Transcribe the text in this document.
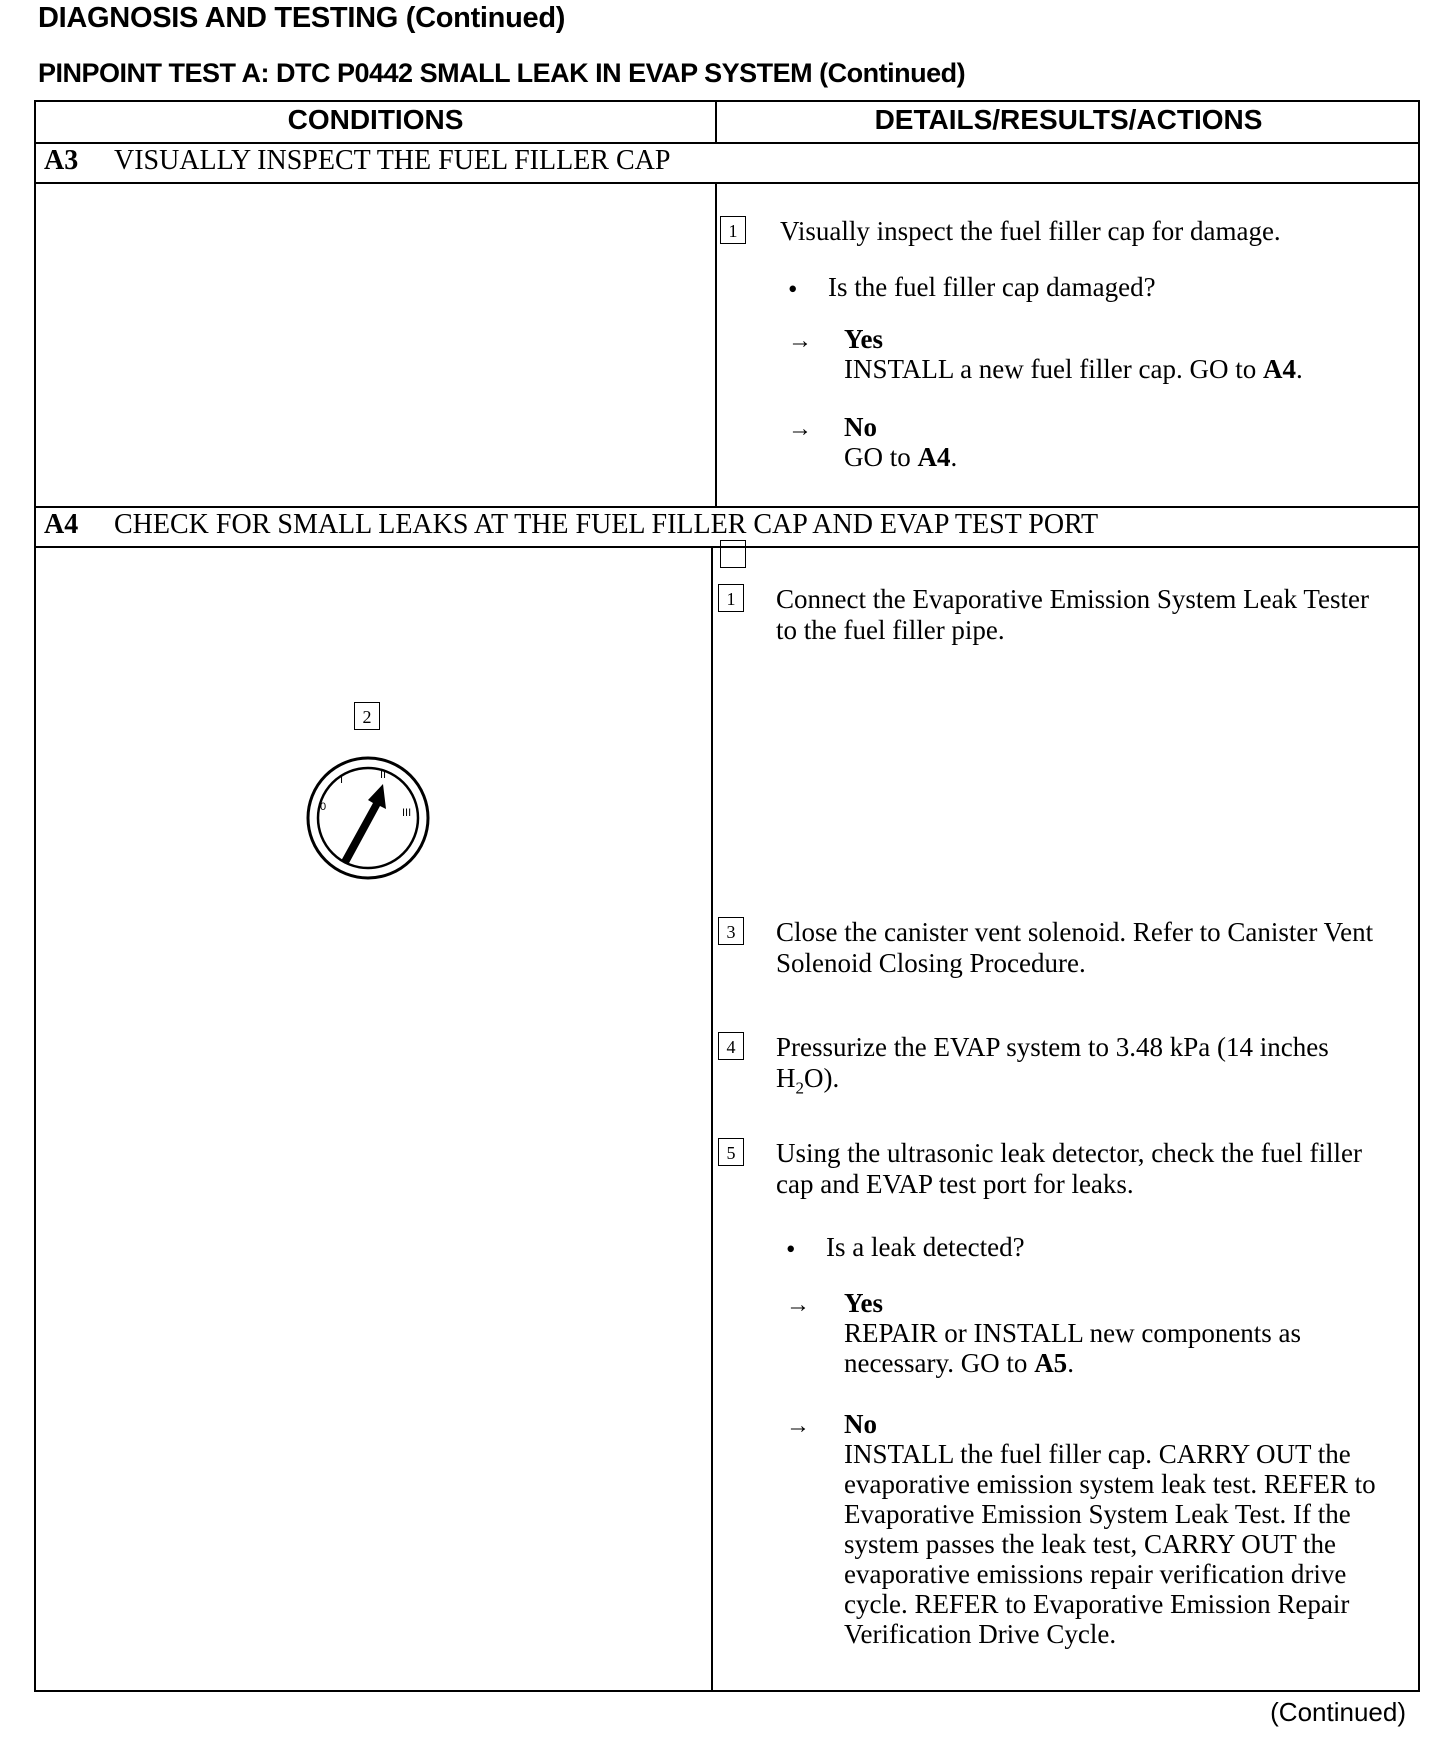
DIAGNOSIS AND TESTING (Continued)
PINPOINT TEST A: DTC P0442 SMALL LEAK IN EVAP SYSTEM (Continued)
CONDITIONS	DETAILS/RESULTS/ACTIONS
A3 VISUALLY INSPECT THE FUEL FILLER CAP
1	Visually inspect the fuel filler cap for damage.
• Is the fuel filler cap damaged?
→ Yes
INSTALL a new fuel filler cap. GO to A4.
→ No
GO to A4.
A4 CHECK FOR SMALL LEAKS AT THE FUEL FILLER CAP AND EVAP TEST PORT
2
0
I	II
III
1	Connect the Evaporative Emission System Leak Tester to the fuel filler pipe.
3	Close the canister vent solenoid. Refer to Canister Vent Solenoid Closing Procedure.
4	Pressurize the EVAP system to 3.48 kPa (14 inches $H_2O$).
5	Using the ultrasonic leak detector, check the fuel filler cap and EVAP test port for leaks.
• Is a leak detected?
→ Yes
REPAIR or INSTALL new components as necessary. GO to A5.
→ No
INSTALL the fuel filler cap. CARRY OUT the evaporative emission system leak test. REFER to Evaporative Emission System Leak Test. If the system passes the leak test, CARRY OUT the evaporative emissions repair verification drive cycle. REFER to Evaporative Emission Repair Verification Drive Cycle.
(Continued)
